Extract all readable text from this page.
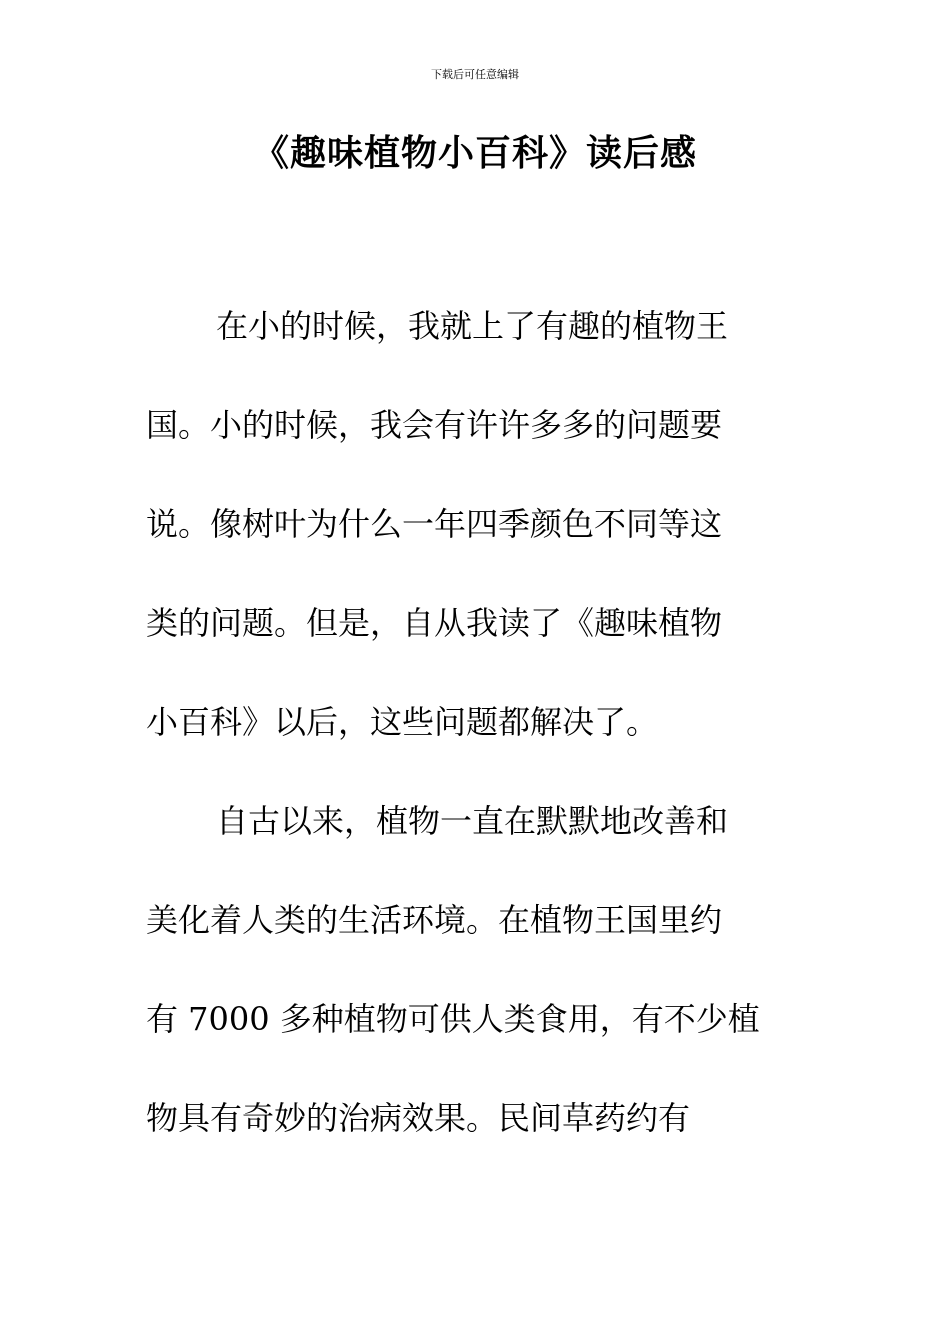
下载后可任意编辑
《趣味植物小百科》读后感
在小的时候，我就上了有趣的植物王
国。小的时候，我会有许许多多的问题要
说。像树叶为什么一年四季颜色不同等这
类的问题。但是，自从我读了《趣味植物
小百科》以后，这些问题都解决了。
自古以来，植物一直在默默地改善和
美化着人类的生活环境。在植物王国里约
有 7000 多种植物可供人类食用，有不少植
物具有奇妙的治病效果。民间草药约有
